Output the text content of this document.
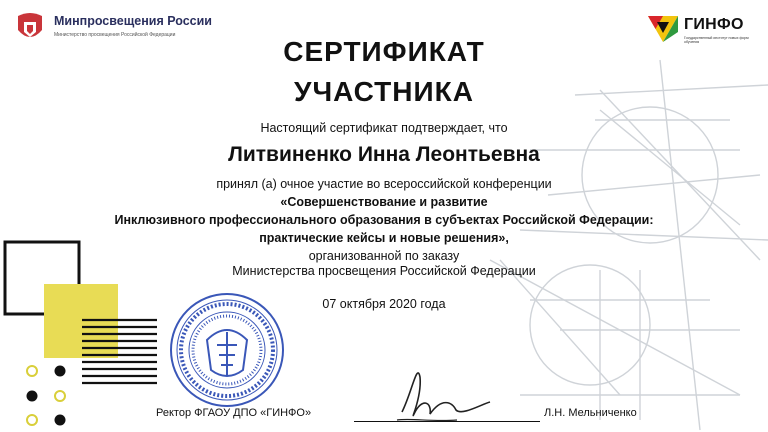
Минпросвещения России
Министерство просвещения Российской Федерации
ГИНФО
Государственный институт новых форм обучения
СЕРТИФИКАТ
УЧАСТНИКА
Настоящий сертификат подтверждает, что
Литвиненко Инна Леонтьевна
принял (а) очное участие во всероссийской конференции
«Совершенствование и развитие
Инклюзивного профессионального образования в субъектах Российской Федерации:
практические кейсы и новые решения»,
организованной по заказу
Министерства просвещения Российской Федерации
07 октября 2020 года
Ректор ФГАОУ ДПО «ГИНФО»	Л.Н. Мельниченко
